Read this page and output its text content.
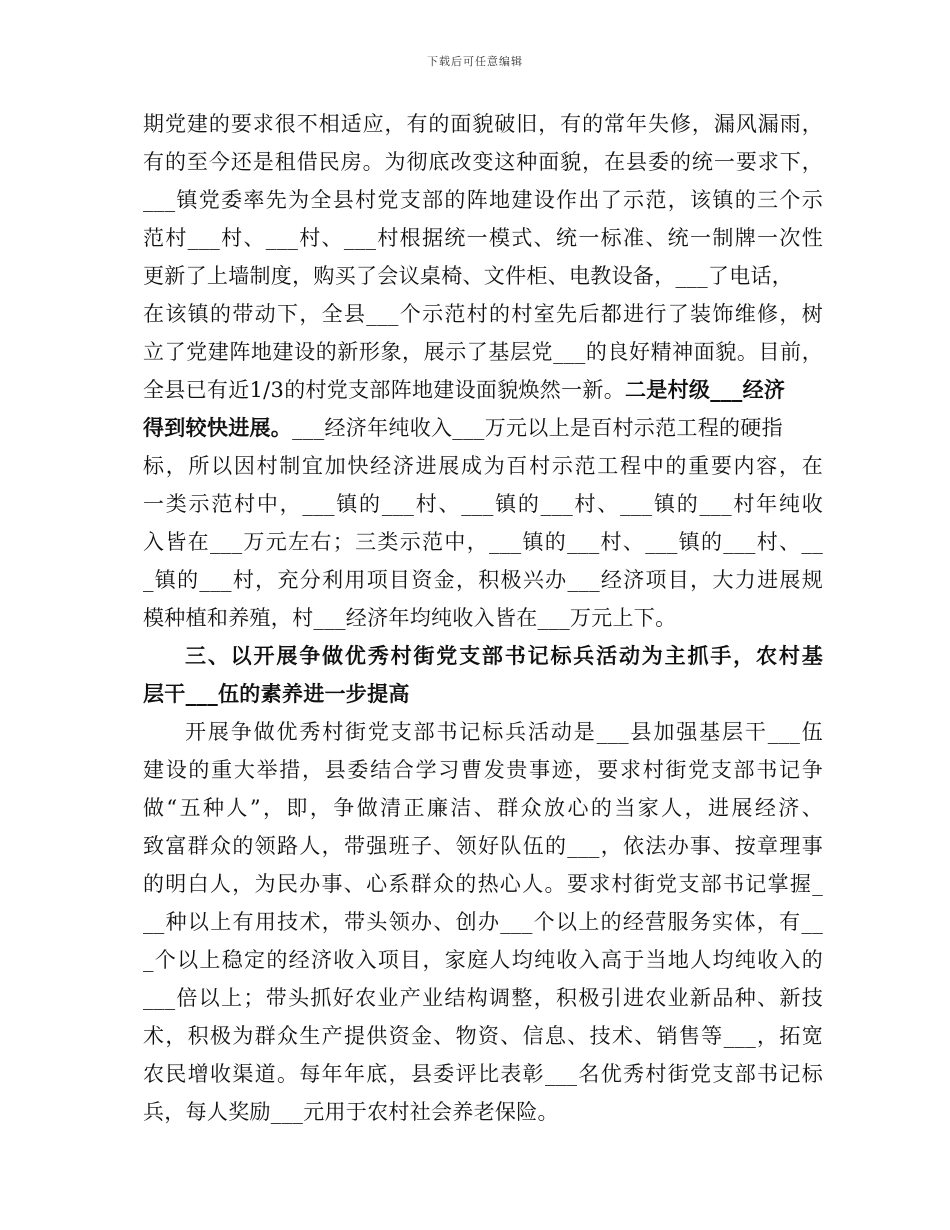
下载后可任意编辑
期党建的要求很不相适应，有的面貌破旧，有的常年失修，漏风漏雨，
有的至今还是租借民房。为彻底改变这种面貌，在县委的统一要求下，
___镇党委率先为全县村党支部的阵地建设作出了示范，该镇的三个示
范村___村、___村、___村根据统一模式、统一标准、统一制牌一次性
更新了上墙制度，购买了会议桌椅、文件柜、电教设备，___了电话，
在该镇的带动下，全县___个示范村的村室先后都进行了装饰维修，树
立了党建阵地建设的新形象，展示了基层党___的良好精神面貌。目前，
全县已有近1/3的村党支部阵地建设面貌焕然一新。二是村级___经济
得到较快进展。___经济年纯收入___万元以上是百村示范工程的硬指
标，所以因村制宜加快经济进展成为百村示范工程中的重要内容，在
一类示范村中，___镇的___村、___镇的___村、___镇的___村年纯收
入皆在___万元左右；三类示范中，___镇的___村、___镇的___村、__
_镇的___村，充分利用项目资金，积极兴办___经济项目，大力进展规
模种植和养殖，村___经济年均纯收入皆在___万元上下。
三、以开展争做优秀村街党支部书记标兵活动为主抓手，农村基
层干___伍的素养进一步提高
开展争做优秀村街党支部书记标兵活动是___县加强基层干___伍
建设的重大举措，县委结合学习曹发贵事迹，要求村街党支部书记争
做“五种人”，即，争做清正廉洁、群众放心的当家人，进展经济、
致富群众的领路人，带强班子、领好队伍的___，依法办事、按章理事
的明白人，为民办事、心系群众的热心人。要求村街党支部书记掌握_
__种以上有用技术，带头领办、创办___个以上的经营服务实体，有__
_个以上稳定的经济收入项目，家庭人均纯收入高于当地人均纯收入的
___倍以上；带头抓好农业产业结构调整，积极引进农业新品种、新技
术，积极为群众生产提供资金、物资、信息、技术、销售等___，拓宽
农民增收渠道。每年年底，县委评比表彰___名优秀村街党支部书记标
兵，每人奖励___元用于农村社会养老保险。
